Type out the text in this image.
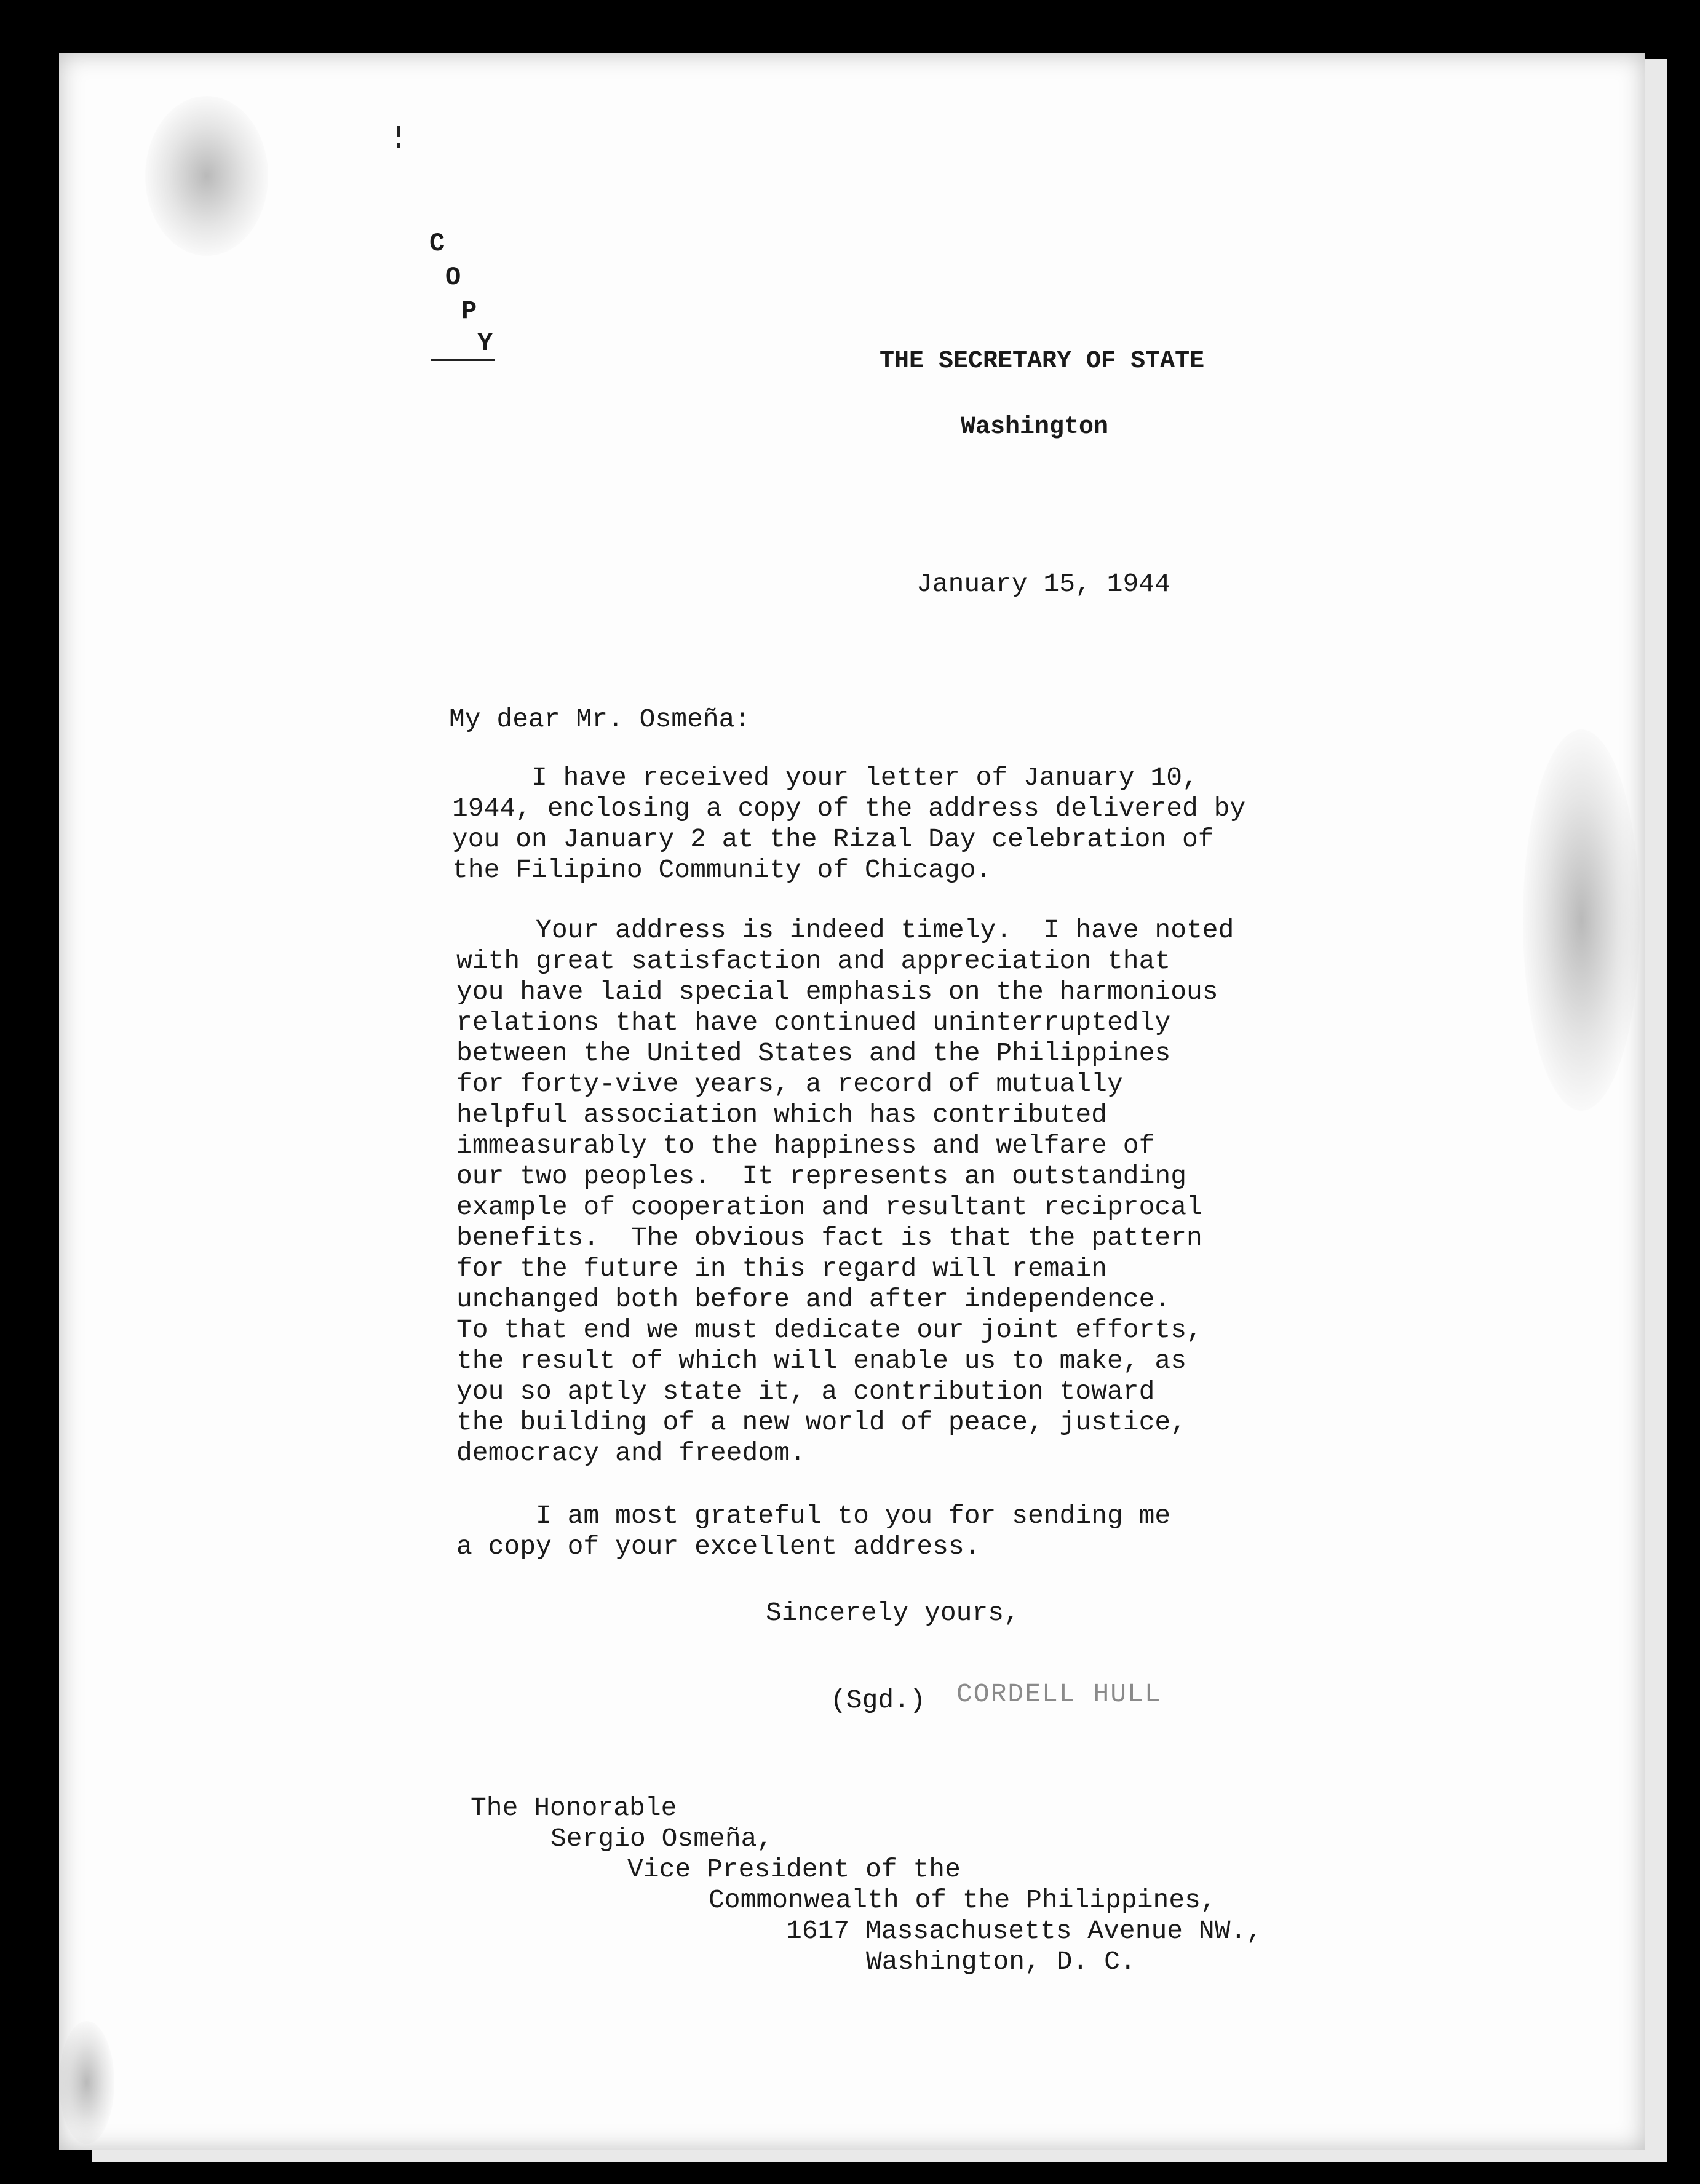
C
O
P
Y
THE SECRETARY OF STATE
Washington
January 15, 1944
My dear Mr. Osmeña:
I have received your letter of January 10,
1944, enclosing a copy of the address delivered by
you on January 2 at the Rizal Day celebration of
the Filipino Community of Chicago.
Your address is indeed timely.  I have noted
with great satisfaction and appreciation that
you have laid special emphasis on the harmonious
relations that have continued uninterruptedly
between the United States and the Philippines
for forty-vive years, a record of mutually
helpful association which has contributed
immeasurably to the happiness and welfare of
our two peoples.  It represents an outstanding
example of cooperation and resultant reciprocal
benefits.  The obvious fact is that the pattern
for the future in this regard will remain
unchanged both before and after independence.
To that end we must dedicate our joint efforts,
the result of which will enable us to make, as
you so aptly state it, a contribution toward
the building of a new world of peace, justice,
democracy and freedom.
I am most grateful to you for sending me
a copy of your excellent address.
Sincerely yours,
(Sgd.) CORDELL HULL
The Honorable
Sergio Osmeña,
Vice President of the
Commonwealth of the Philippines,
1617 Massachusetts Avenue NW.,
Washington, D. C.
